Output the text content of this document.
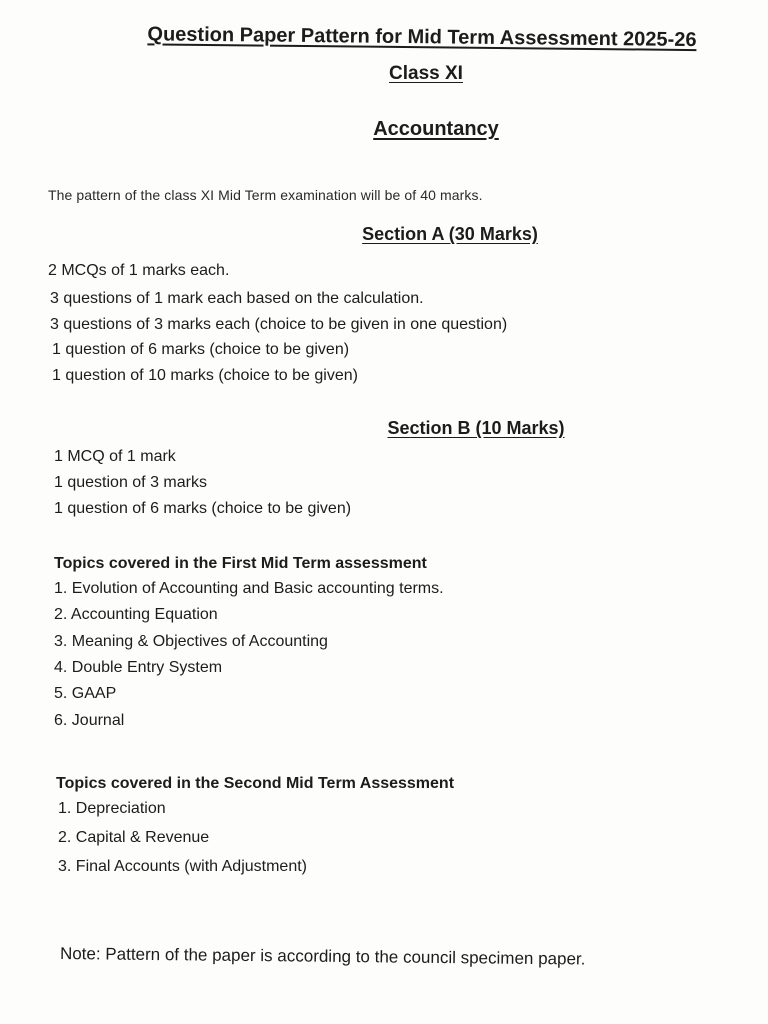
Question Paper Pattern for Mid Term Assessment 2025-26
Class XI
Accountancy
The pattern of the class XI Mid Term examination will be of 40 marks.
Section A (30 Marks)
2 MCQs of 1 marks each.
3 questions of 1 mark each based on the calculation.
3 questions of 3 marks each (choice to be given in one question)
1 question of 6 marks (choice to be given)
1 question of 10 marks (choice to be given)
Section B (10 Marks)
1 MCQ of 1 mark
1 question of 3 marks
1 question of 6 marks (choice to be given)
Topics covered in the First Mid Term assessment
1. Evolution of Accounting and Basic accounting terms.
2. Accounting Equation
3. Meaning & Objectives of Accounting
4. Double Entry System
5. GAAP
6. Journal
Topics covered in the Second Mid Term Assessment
1. Depreciation
2. Capital & Revenue
3. Final Accounts (with Adjustment)
Note: Pattern of the paper is according to the council specimen paper.
